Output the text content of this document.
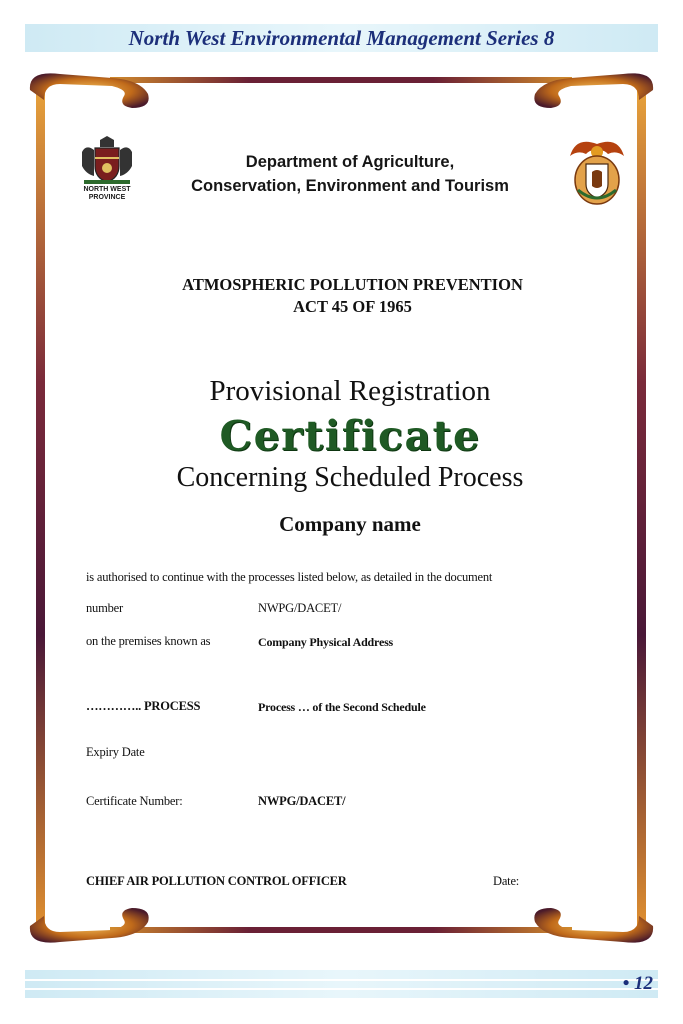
North West Environmental Management Series 8
NORTH WEST
PROVINCE
Department of Agriculture,
Conservation, Environment and Tourism
ATMOSPHERIC POLLUTION PREVENTION
ACT 45 OF 1965
Provisional Registration
Certificate
Concerning Scheduled Process
Company name
is authorised to continue with the processes listed below, as detailed in the document
number	NWPG/DACET/
on the premises known as	Company Physical Address
………….. PROCESS	Process … of the Second Schedule
Expiry Date
Certificate Number:	NWPG/DACET/
CHIEF AIR POLLUTION CONTROL OFFICER	Date:
• 12
